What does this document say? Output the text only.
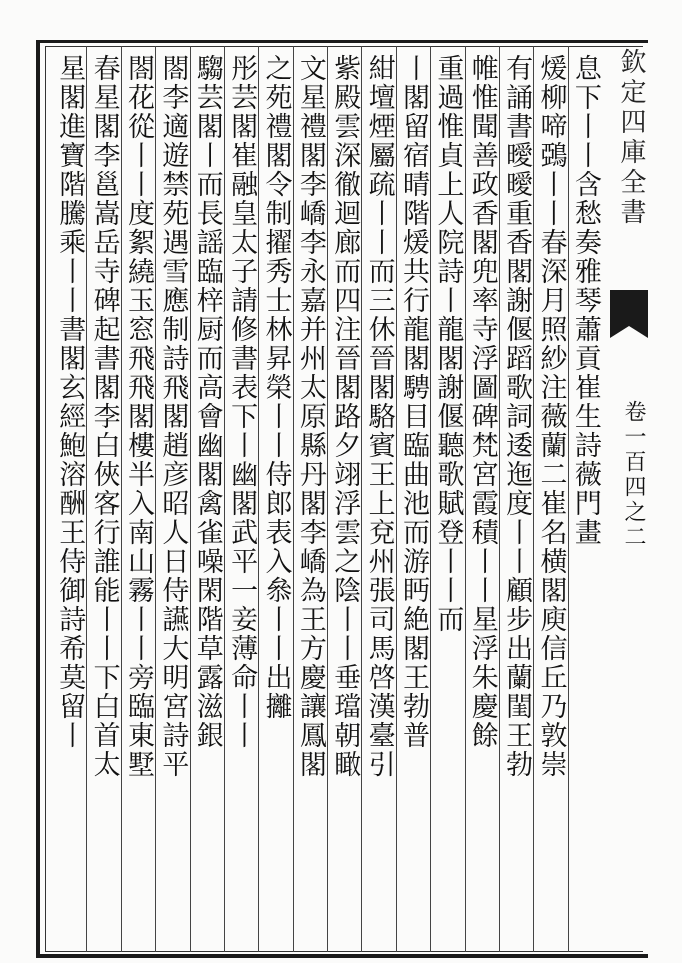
欽定四庫全書
卷一百四之二
息下丨丨含愁奏雅琴蕭貢崔生詩薇門畫
煖柳啼鵶丨丨春深月照紗注薇蘭二崔名横閣庾信丘乃敦崇
有誦書曖曖重香閣謝偃蹈歌詞逶迤度丨丨顧步出蘭閨王勃
帷惟聞善政香閣兜率寺浮圖碑梵宮霞積丨丨星浮朱慶餘
重過惟貞上人院詩丨龍閣謝偃聽歌賦登丨丨而
丨閣留宿晴階煖共行龍閣騁目臨曲池而游眄絶閣王勃普
紺壇煙屬疏丨丨而三休晉閣駱賓王上兗州張司馬啓漢臺引
紫殿雲深徹迴廊而四注晉閣路夕翊浮雲之陰丨丨垂璫朝瞰
文星禮閣李嶠李永嘉并州太原縣丹閣李嶠為王方慶讓鳳閣
之苑禮閣令制擢秀士林昇榮丨丨侍郎表入叅丨丨出攡
彤芸閣崔融皇太子請修書表下丨幽閣武平一妾薄命丨丨
騶芸閣丨而長謡臨梓厨而高會幽閣禽雀噪閑階草露滋銀
閤李適遊禁苑遇雪應制詩飛閣趙彦昭人日侍讌大明宮詩平
閤花從丨丨度絮繞玉窓飛飛閣樓半入南山霧丨丨旁臨東墅
春星閣李邕嵩岳寺碑起書閣李白俠客行誰能丨丨下白首太
星閣進寶階騰乘丨丨書閣玄經鮑溶酬王侍御詩希莫留丨
